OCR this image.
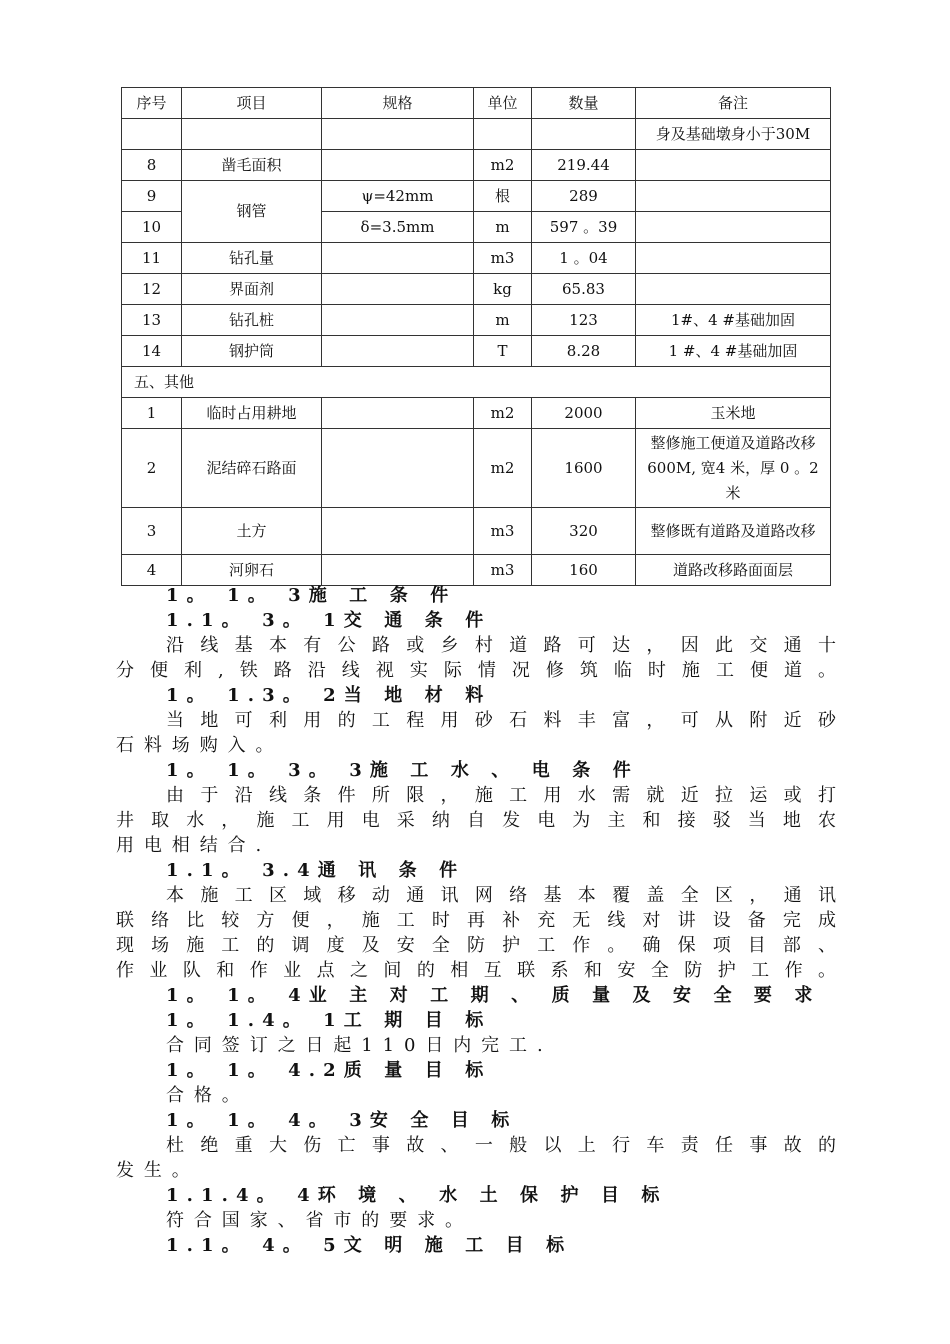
序号	项目	规格	单位	数量	备注
					身及基础墩身小于30M
8	凿毛面积		m2	219.44	
9	钢管	ψ=42mm	根	289	
10		δ=3.5mm	m	597 。39	
11	钻孔量		m3	1 。04	
12	界面剂		kg	65.83	
13	钻孔桩		m	123	1#、4 #基础加固
14	钢护筒		T	8.28	1 #、4 #基础加固
五、其他					
1	临时占用耕地		m2	2000	玉米地
2	泥结碎石路面		m2	1600	整修施工便道及道路改移600M, 宽4 米，厚 0 。2 米
3	土方		m3	320	整修既有道路及道路改移
4	河卵石		m3	160	道路改移路面面层
1。 1。 3施 工 条 件
1.1。 3。 1交 通 条 件
沿线基本有公路或乡村道路可达，因此交通十
分便利,铁路沿线视实际情况修筑临时施工便道。
1。 1.3。 2当 地 材 料
当地可利用的工程用砂石料丰富，可从附近砂
石料场购入。
1。 1。 3。 3施 工 水 、 电 条 件
由于沿线条件所限，施工用水需就近拉运或打
井取水，施工用电采纳自发电为主和接驳当地农
用电相结合.
1.1。 3.4通 讯 条 件
本施工区域移动通讯网络基本覆盖全区，通讯
联络比较方便，施工时再补充无线对讲设备完成
现场施工的调度及安全防护工作。确保项目部、
作业队和作业点之间的相互联系和安全防护工作。
1。 1。 4业 主 对 工 期 、 质 量 及 安 全 要 求
1。 1.4。 1工 期 目 标
合同签订之日起110日内完工.
1。 1。 4.2质 量 目 标
合格。
1。 1。 4。 3安 全 目 标
杜绝重大伤亡事故、一般以上行车责任事故的
发生。
1.1.4。 4环 境 、 水 土 保 护 目 标
符合国家、省市的要求。
1.1。 4。 5文 明 施 工 目 标
